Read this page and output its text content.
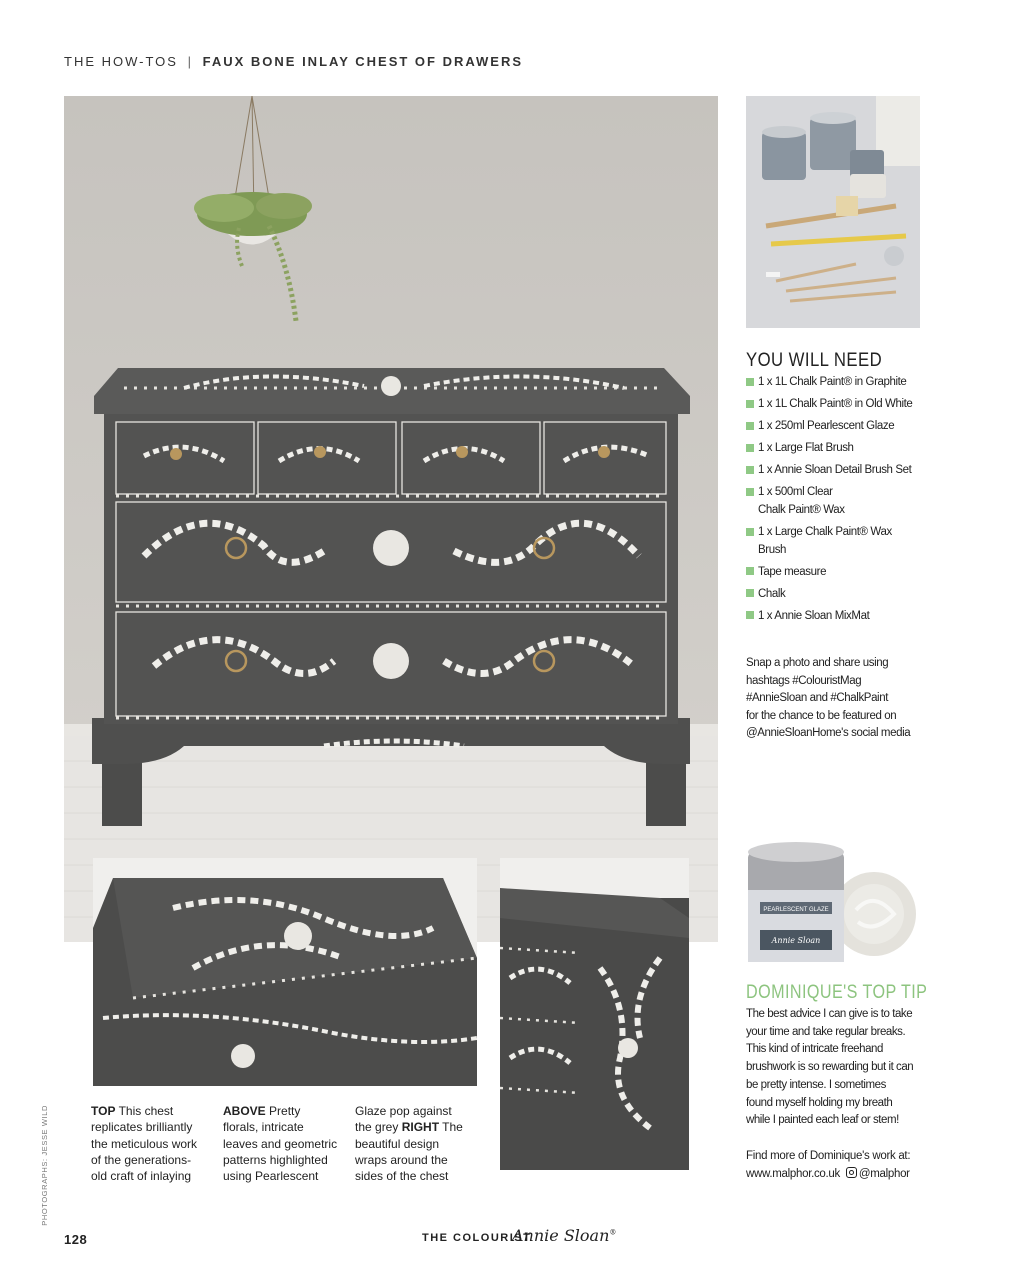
THE HOW-TOS | FAUX BONE INLAY CHEST OF DRAWERS
YOU WILL NEED
1 x 1L Chalk Paint® in Graphite
1 x 1L Chalk Paint® in Old White
1 x 250ml Pearlescent Glaze
1 x Large Flat Brush
1 x Annie Sloan Detail Brush Set
1 x 500ml Clear Chalk Paint® Wax
1 x Large Chalk Paint® Wax Brush
Tape measure
Chalk
1 x Annie Sloan MixMat
Snap a photo and share using
hashtags #ColouristMag
#AnnieSloan and #ChalkPaint
for the chance to be featured on
@AnnieSloanHome's social media
PEARLESCENT GLAZE
Annie Sloan
DOMINIQUE'S TOP TIP
The best advice I can give is to take
your time and take regular breaks.
This kind of intricate freehand
brushwork is so rewarding but it can
be pretty intense. I sometimes
found myself holding my breath
while I painted each leaf or stem!
Find more of Dominique's work at:
www.malphor.co.uk @malphor
TOP This chest
replicates brilliantly
the meticulous work
of the generations-
old craft of inlaying
ABOVE Pretty
florals, intricate
leaves and geometric
patterns highlighted
using Pearlescent
Glaze pop against
the grey RIGHT The
beautiful design
wraps around the
sides of the chest
PHOTOGRAPHS: JESSE WILD
128	THE COLOURIST
Annie Sloan®
